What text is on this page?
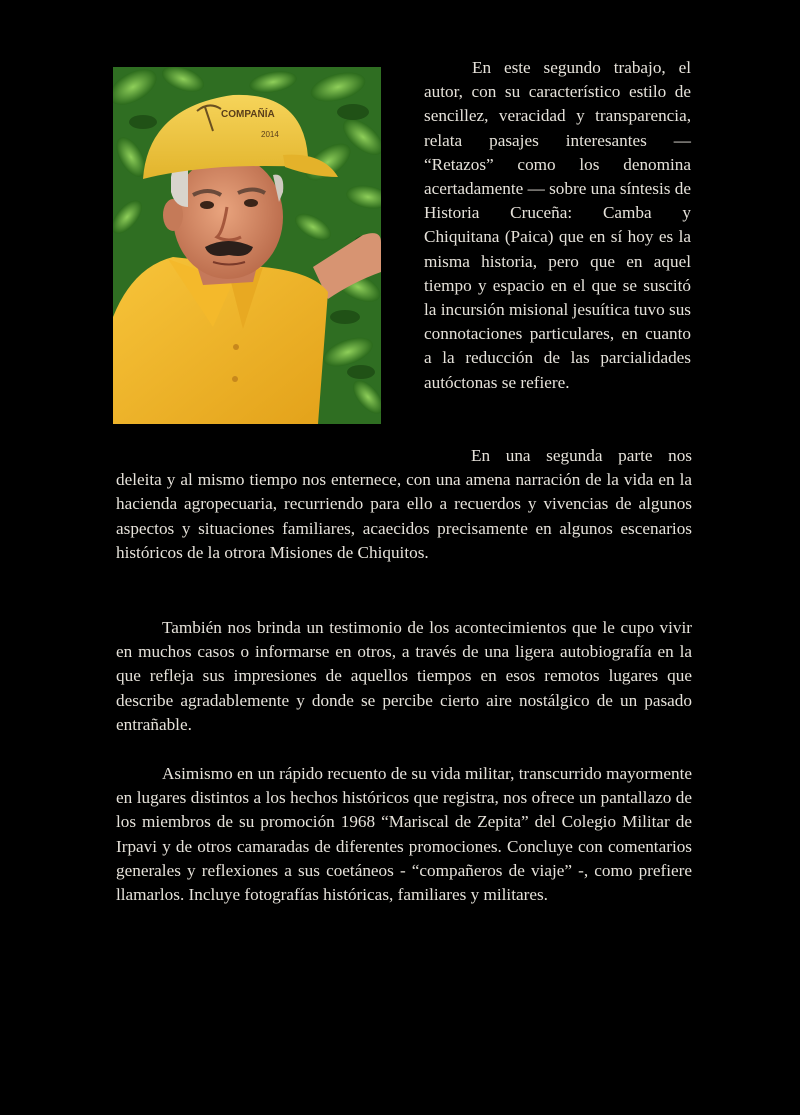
COMPAÑÍA
2014

En este segundo trabajo, el autor, con su característico estilo de sencillez, veracidad y transparencia, relata pasajes interesantes — “Retazos” como los denomina acertadamente — sobre una síntesis de Historia Cruceña: Camba y Chiquitana (Paica) que en sí hoy es la misma historia, pero que en aquel tiempo y espacio en el que se suscitó la incursión misional jesuítica tuvo sus connotaciones particulares, en cuanto a la reducción de las parcialidades autóctonas se refiere.

En una segunda parte nos deleita y al mismo tiempo nos enternece, con una amena narración de la vida en la hacienda agropecuaria, recurriendo para ello a recuerdos y vivencias de algunos aspectos y situaciones familiares, acaecidos precisamente en algunos escenarios históricos de la otrora Misiones de Chiquitos.

También nos brinda un testimonio de los acontecimientos que le cupo vivir en muchos casos o informarse en otros, a través de una ligera autobiografía en la que refleja sus impresiones de aquellos tiempos en esos remotos lugares que describe agradablemente y donde se percibe cierto aire nostálgico de un pasado entrañable.

Asimismo en un rápido recuento de su vida militar, transcurrido mayormente en lugares distintos a los hechos históricos que registra, nos ofrece un pantallazo de los miembros de su promoción 1968 “Mariscal de Zepita” del Colegio Militar de Irpavi y de otros camaradas de diferentes promociones. Concluye con comentarios generales y reflexiones a sus coetáneos - “compañeros de viaje” -, como prefiere llamarlos. Incluye fotografías históricas, familiares y militares.
